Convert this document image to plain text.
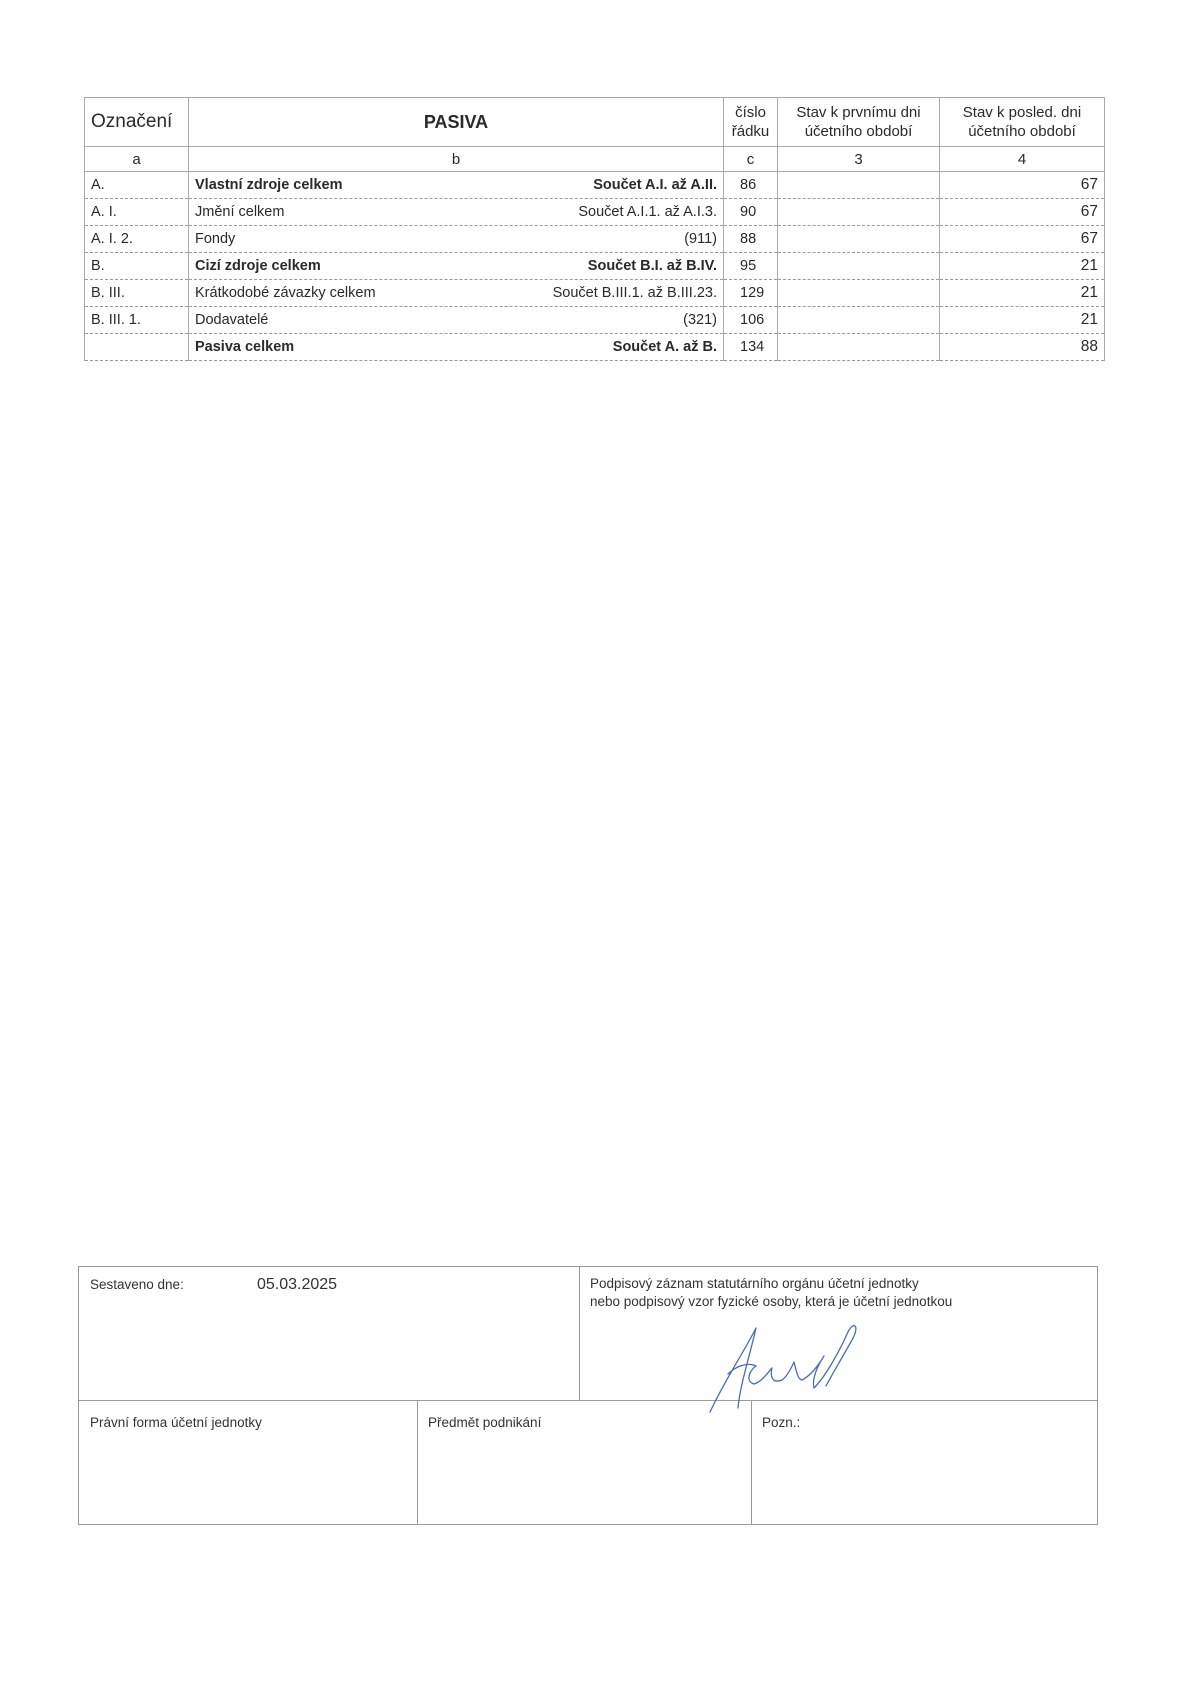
Označení	PASIVA	číslo řádku	Stav k prvnímu dni účetního období	Stav k posled. dni účetního období
a	b	c	3	4
A.	Vlastní zdroje celkem Součet A.I. až A.II.	86		67
A. I.	Jmění celkem Součet A.I.1. až A.I.3.	90		67
A. I. 2.	Fondy (911)	88		67
B.	Cizí zdroje celkem Součet B.I. až B.IV.	95		21
B. III.	Krátkodobé závazky celkem Součet B.III.1. až B.III.23.	129		21
B. III. 1.	Dodavatelé (321)	106		21

	Pasiva celkem Součet A. až B.	134		88
Sestaveno dne:	05.03.2025	Podpisový záznam statutárního orgánu účetní jednotky
nebo podpisový vzor fyzické osoby, která je účetní jednotkou
Právní forma účetní jednotky	Předmět podnikání	Pozn.:
